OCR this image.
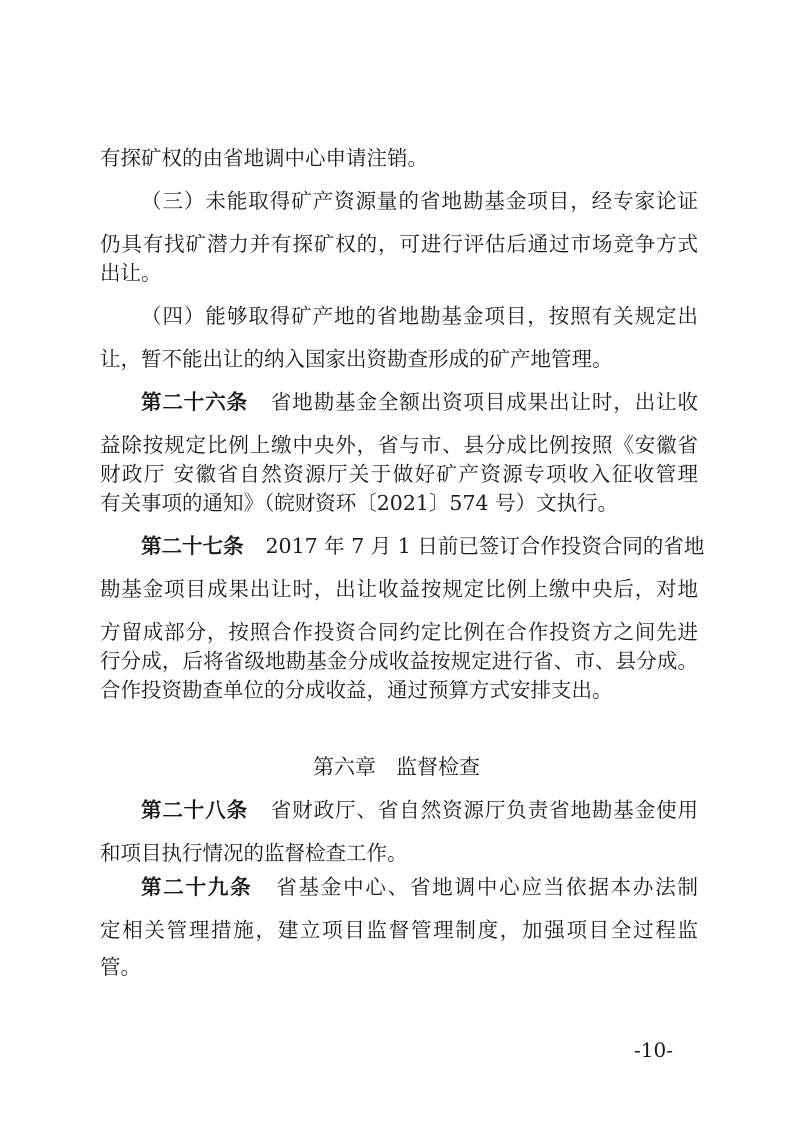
有探矿权的由省地调中心申请注销。
（三）未能取得矿产资源量的省地勘基金项目，经专家论证
仍具有找矿潜力并有探矿权的，可进行评估后通过市场竞争方式
出让。
（四）能够取得矿产地的省地勘基金项目，按照有关规定出
让，暂不能出让的纳入国家出资勘查形成的矿产地管理。
第二十六条 省地勘基金全额出资项目成果出让时，出让收
益除按规定比例上缴中央外，省与市、县分成比例按照《安徽省
财政厅 安徽省自然资源厅关于做好矿产资源专项收入征收管理
有关事项的通知》（皖财资环〔2021〕574 号）文执行。
第二十七条 2017 年 7 月 1 日前已签订合作投资合同的省地
勘基金项目成果出让时，出让收益按规定比例上缴中央后，对地
方留成部分，按照合作投资合同约定比例在合作投资方之间先进
行分成，后将省级地勘基金分成收益按规定进行省、市、县分成。
合作投资勘查单位的分成收益，通过预算方式安排支出。
第六章 监督检查
第二十八条 省财政厅、省自然资源厅负责省地勘基金使用
和项目执行情况的监督检查工作。
第二十九条 省基金中心、省地调中心应当依据本办法制
定相关管理措施，建立项目监督管理制度，加强项目全过程监
管。
-10-
